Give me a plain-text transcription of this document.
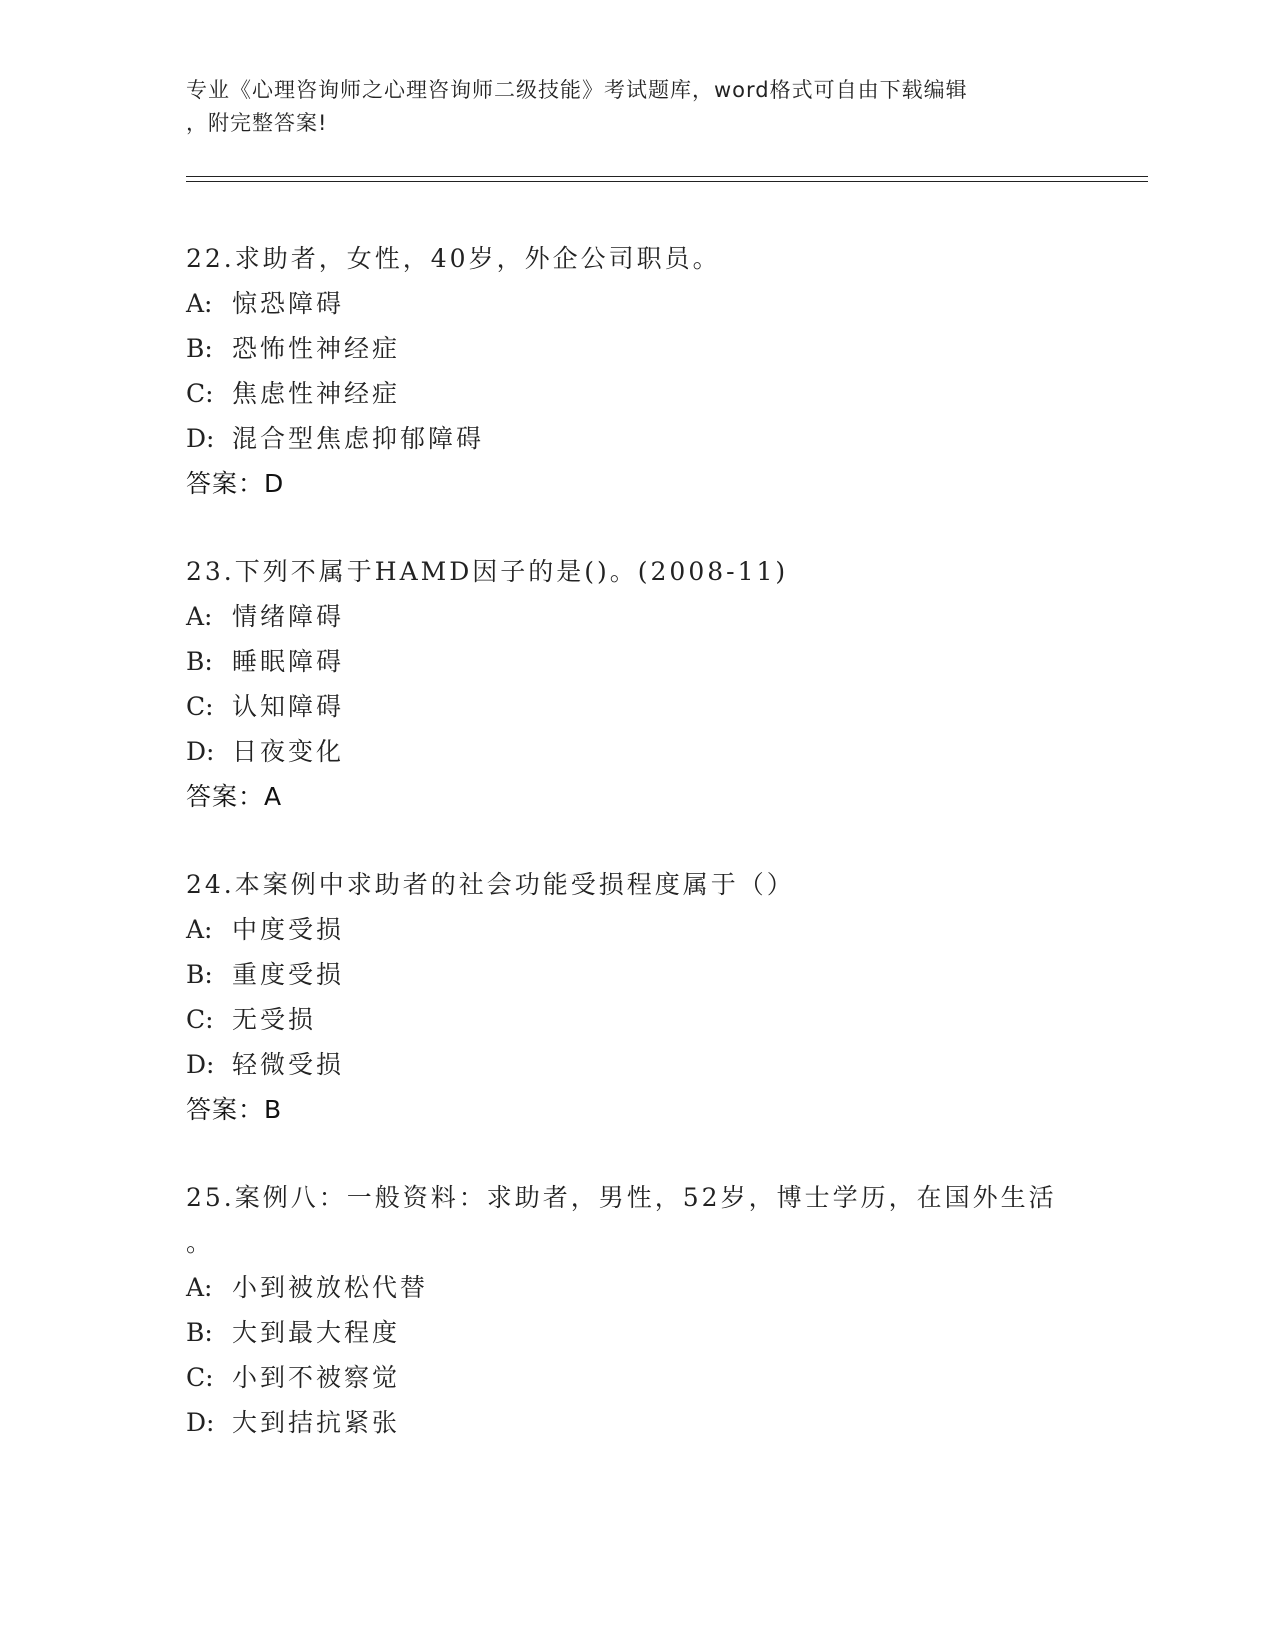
专业《心理咨询师之心理咨询师二级技能》考试题库，word格式可自由下载编辑
，附完整答案!
22.求助者，女性，40岁，外企公司职员。
A: 惊恐障碍
B: 恐怖性神经症
C: 焦虑性神经症
D: 混合型焦虑抑郁障碍
答案：D
23.下列不属于HAMD因子的是()。(2008-11)
A: 情绪障碍
B: 睡眠障碍
C: 认知障碍
D: 日夜变化
答案：A
24.本案例中求助者的社会功能受损程度属于（）
A: 中度受损
B: 重度受损
C: 无受损
D: 轻微受损
答案：B
25.案例八：一般资料：求助者，男性，52岁，博士学历，在国外生活
。
A: 小到被放松代替
B: 大到最大程度
C: 小到不被察觉
D: 大到拮抗紧张
